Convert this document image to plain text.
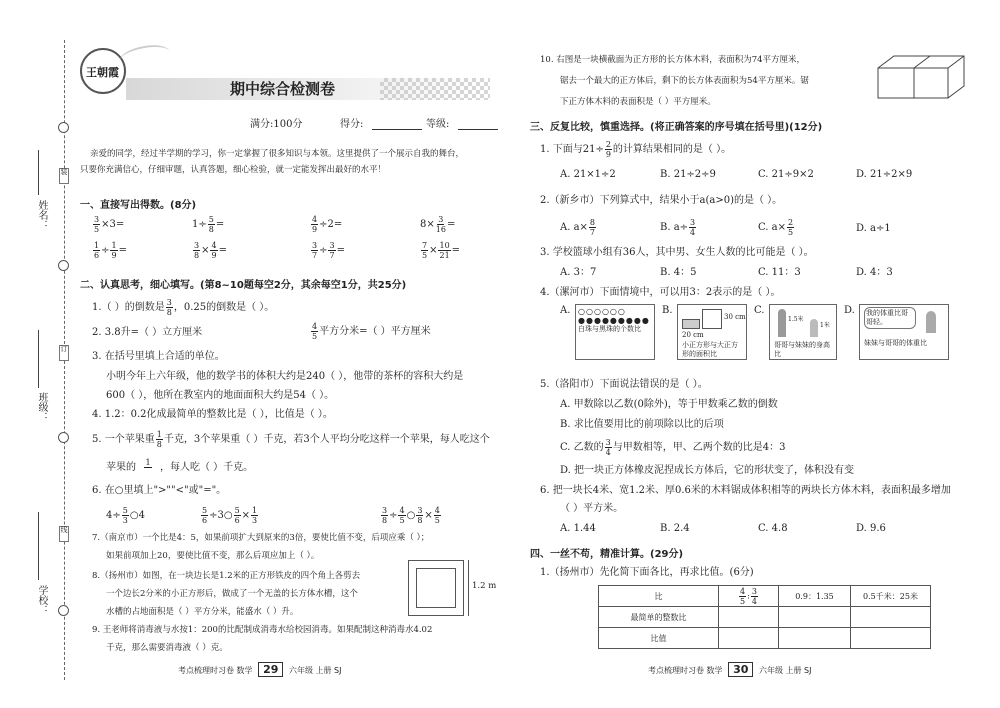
装
订
线
姓名：
班级：
学校：
王朝霞
期中综合检测卷
满分:100分	得分:	等级:
亲爱的同学，经过半学期的学习，你一定掌握了很多知识与本领。这里提供了一个展示自我的舞台，
只要你充满信心，仔细审题，认真答题，细心检验，就一定能发挥出最好的水平！
一、直接写出得数。(8分)
$\frac{3}{5} \times 3=$	$1\div \frac{5}{8}$ =	$\frac{4}{9} \div 2=$	$8\times \frac{3}{16}$ =
$\frac{1}{6} \div \frac{1}{9}$ =	$\frac{3}{8} \times \frac{4}{9}$ =	$\frac{3}{7} \div \frac{3}{7}$ =	$\frac{7}{5} \times \frac{10}{21}$ =
二、认真思考，细心填写。(第8~10题每空2分，其余每空1分，共25分)
1.（ ）的倒数是 $\frac{3}{8}$ ，0.25的倒数是（ ）。
2. 3.8升=（ ）立方厘米	$\frac{4}{5}$ 平方分米=（ ）平方厘米
3. 在括号里填上合适的单位。
小明今年上六年级，他的数学书的体积大约是240（ ），他带的茶杯的容积大约是
600（ ），他所在教室内的地面面积大约是54（ ）。
4. 1.2：0.2化成最简单的整数比是（ ），比值是（ ）。
5. 一个苹果重 $\frac{1}{8}$ 千克，3个苹果重（ ）千克，若3个人平均分吃这样一个苹果，每人吃这个
苹果的 1
，每人吃（ ）千克。
6. 在○里填上">""<"或"="。
$4\div \frac{5}{3}$ ○4	$\frac{5}{6}$ ÷3○ $\frac{5}{6} \times \frac{1}{3}$	$\frac{3}{8} \div \frac{4}{5}$ ○ $\frac{3}{8} \times \frac{4}{5}$
7.（南京市）一个比是4：5，如果前项扩大到原来的3倍，要使比值不变，后项应乘（ ）；
如果前项加上20，要使比值不变，那么后项应加上（ ）。
8.（扬州市）如图，在一块边长是1.2米的正方形铁皮的四个角上各剪去
一个边长2分米的小正方形后，做成了一个无盖的长方体水槽，这个
水槽的占地面积是（ ）平方分米，能盛水（ ）升。
1.2 m
9. 王老师将消毒液与水按1：200的比配制成消毒水给校园消毒。如果配制这种消毒水4.02
千克，那么需要消毒液（ ）克。
考点梳理时习卷 数学 29 六年级 上册 SJ
10. 右图是一块横截面为正方形的长方体木料，表面积为74平方厘米，
锯去一个最大的正方体后，剩下的长方体表面积为54平方厘米。锯
下正方体木料的表面积是（ ）平方厘米。
三、反复比较，慎重选择。(将正确答案的序号填在括号里)(12分)
1. 下面与$21\div \frac{2}{9}$ 的计算结果相同的是（ ）。
A. 21×1÷2	B. 21÷2÷9	C. 21÷9×2	D. 21÷2×9
2.（新乡市）下列算式中，结果小于a(a>0)的是（ ）。
A. $a\times \frac{8}{7}$	B. $a\div \frac{3}{4}$	C. $a\times \frac{2}{5}$	D. a÷1
3. 学校篮球小组有36人，其中男、女生人数的比可能是（ ）。
A. 3：7	B. 4：5	C. 11：3	D. 4：3
4.（漯河市）下面情境中，可以用3：2表示的是（ ）。
A. ○○○○○○
●●●●●●●●●
白珠与黑珠的个数比
B.
30 cm
20 cm
小正方形与大正方形的面积比
C.
1.5米
1米
哥哥与妹妹的身高比
D. 我的体重比哥哥轻。
妹妹与哥哥的体重比
5.（洛阳市）下面说法错误的是（ ）。
A. 甲数除以乙数(0除外)，等于甲数乘乙数的倒数
B. 求比值要用比的前项除以比的后项
C. 乙数的 $\frac{3}{4}$ 与甲数相等，甲、乙两个数的比是4：3
D. 把一块正方体橡皮泥捏成长方体后，它的形状变了，体积没有变
6. 把一块长4米、宽1.2米、厚0.6米的木料锯成体积相等的两块长方体木料，表面积最多增加
（ ）平方米。
A. 1.44	B. 2.4	C. 4.8	D. 9.6
四、一丝不苟，精准计算。(29分)
1.（扬州市）先化简下面各比，再求比值。(6分)
比	$\frac{4}{5}$ : $\frac{3}{4}$	0.9：1.35	0.5千米：25米
最简单的整数比			
比值			
考点梳理时习卷 数学 30 六年级 上册 SJ
